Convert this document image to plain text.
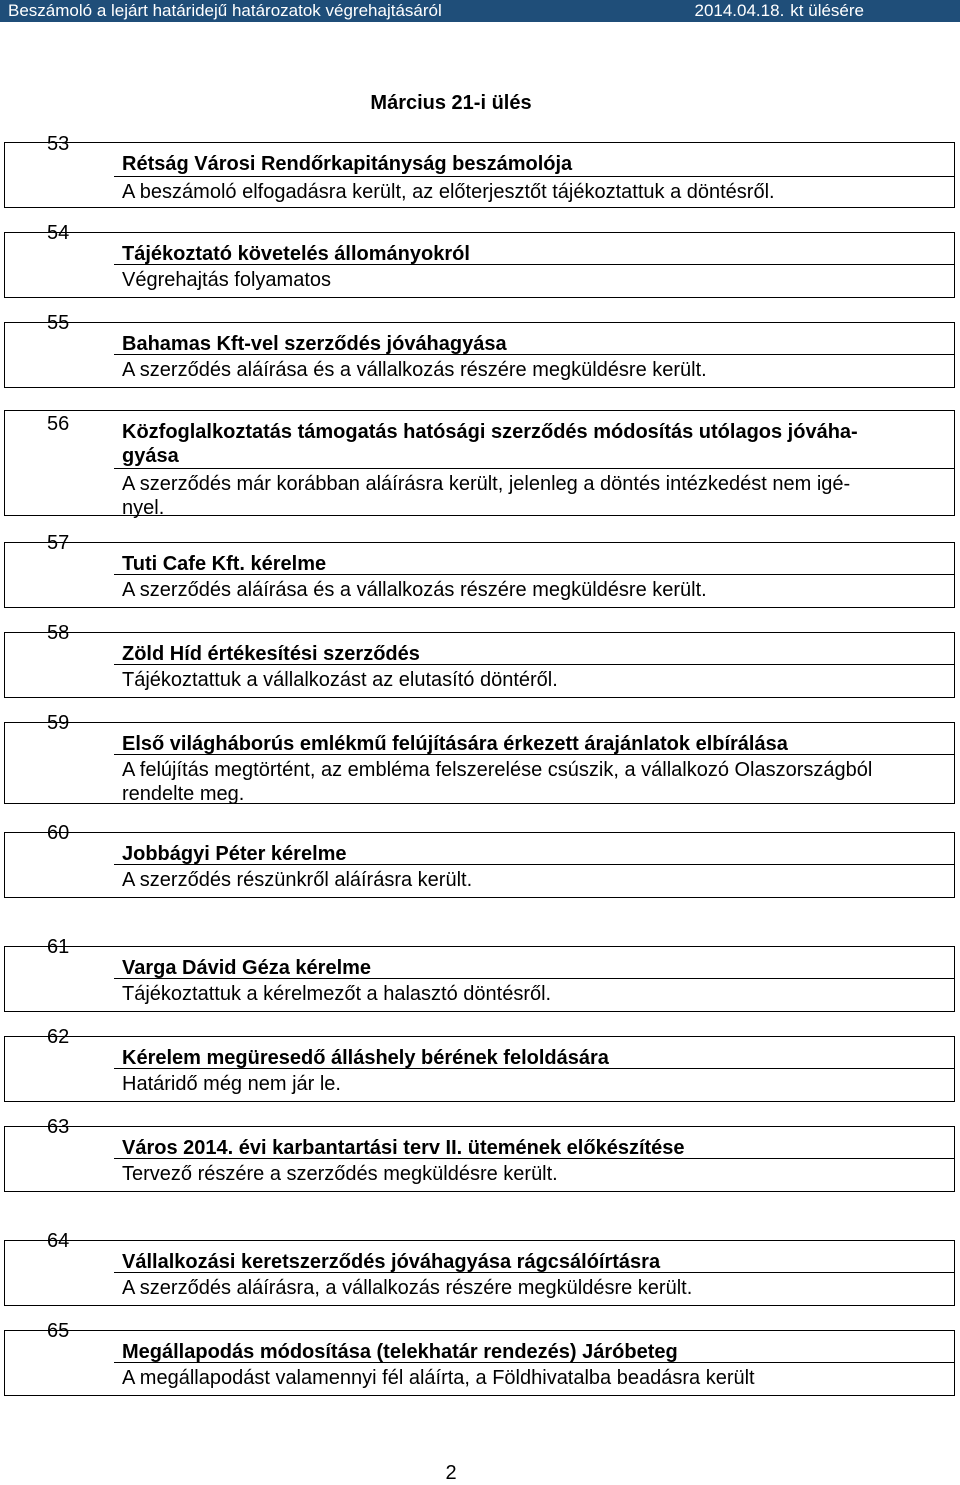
Beszámoló a lejárt határidejű határozatok végrehajtásáról	2014.04.18. kt ülésére
Március 21-i ülés
53
Rétság Városi Rendőrkapitányság beszámolója
A beszámoló elfogadásra került, az előterjesztőt tájékoztattuk a döntésről.
54
Tájékoztató követelés állományokról
Végrehajtás folyamatos
55
Bahamas Kft-vel szerződés jóváhagyása
A szerződés aláírása és a vállalkozás részére megküldésre került.
56	Közfoglalkoztatás támogatás hatósági szerződés módosítás utólagos jóváha-
gyása
A szerződés már korábban aláírásra került, jelenleg a döntés intézkedést nem igé-
nyel.
57
Tuti Cafe Kft. kérelme
A szerződés aláírása és a vállalkozás részére megküldésre került.
58
Zöld Híd értékesítési szerződés
Tájékoztattuk a vállalkozást az elutasító döntéről.
59
Első világháborús emlékmű felújítására érkezett árajánlatok elbírálása
A felújítás megtörtént, az embléma felszerelése csúszik, a vállalkozó Olaszországból rendelte meg.
60
Jobbágyi Péter kérelme
A szerződés részünkről aláírásra került.
61
Varga Dávid Géza kérelme
Tájékoztattuk a kérelmezőt a halasztó döntésről.
62
Kérelem megüresedő álláshely bérének feloldására
Határidő még nem jár le.
63
Város 2014. évi karbantartási terv II. ütemének előkészítése
Tervező részére a szerződés megküldésre került.
64
Vállalkozási keretszerződés jóváhagyása rágcsálóírtásra
A szerződés aláírásra, a vállalkozás részére megküldésre került.
65
Megállapodás módosítása (telekhatár rendezés) Járóbeteg
A megállapodást valamennyi fél aláírta, a Földhivatalba beadásra került
2
